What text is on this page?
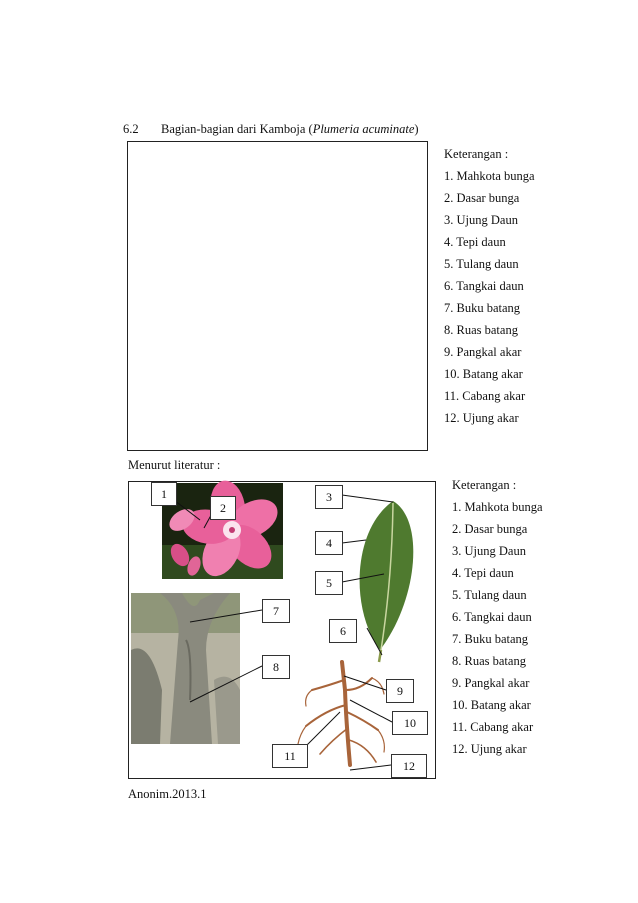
6.2 Bagian-bagian dari Kamboja (Plumeria acuminate)
Keterangan :
1. Mahkota bunga
2. Dasar bunga
3. Ujung Daun
4. Tepi daun
5. Tulang daun
6. Tangkai daun
7. Buku batang
8. Ruas batang
9. Pangkal akar
10. Batang akar
11. Cabang akar
12. Ujung akar
Menurut literatur :
1
2
3
4
5
6
7
8
9
10
11
12
Keterangan :
1. Mahkota bunga
2. Dasar bunga
3. Ujung Daun
4. Tepi daun
5. Tulang daun
6. Tangkai daun
7. Buku batang
8. Ruas batang
9. Pangkal akar
10. Batang akar
11. Cabang akar
12. Ujung akar
Anonim.2013.1
